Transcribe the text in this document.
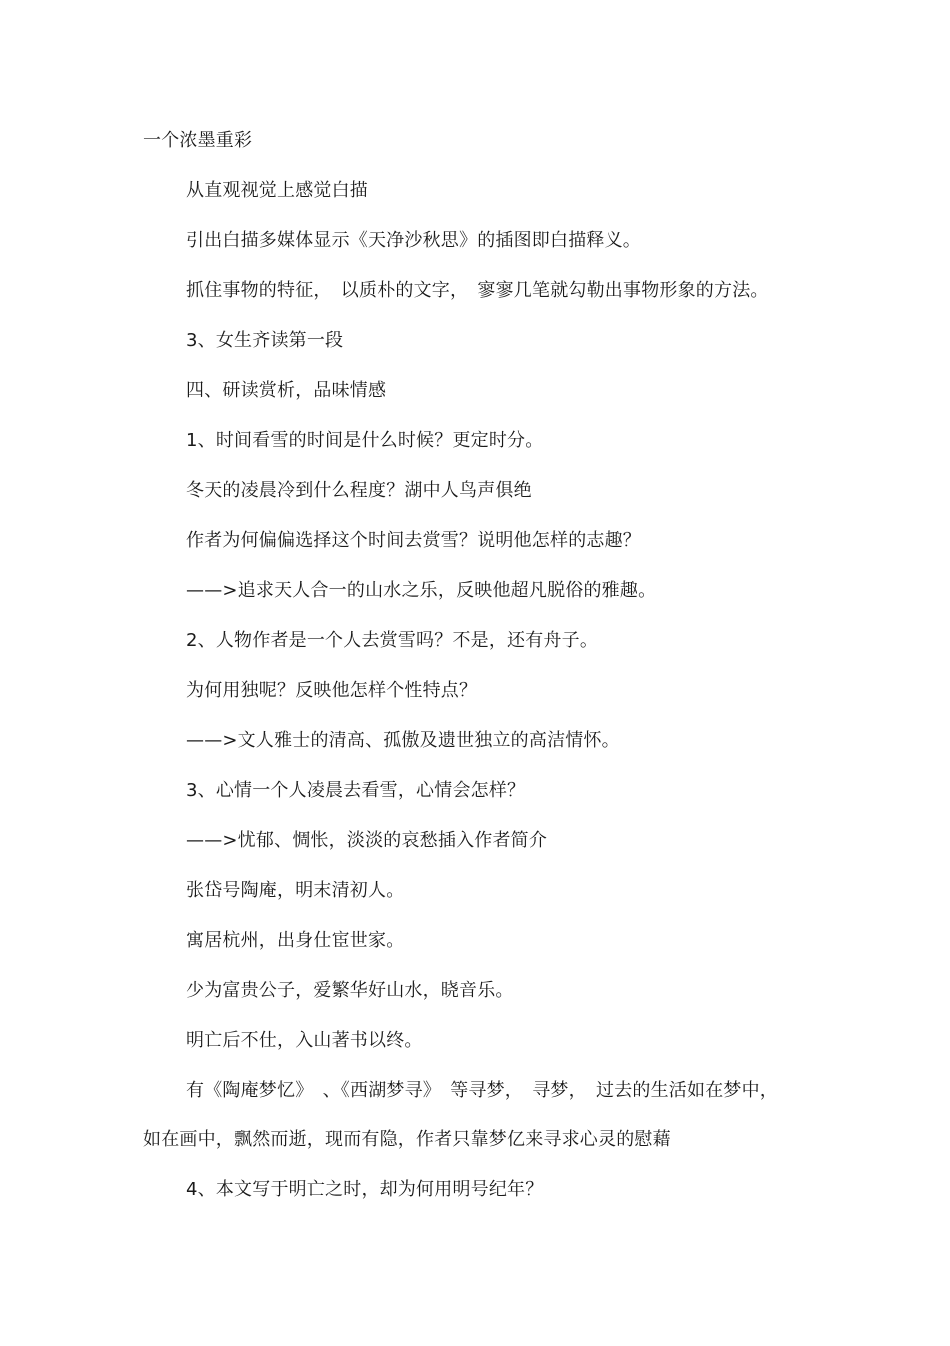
一个浓墨重彩
从直观视觉上感觉白描
引出白描多媒体显示《天净沙秋思》的插图即白描释义。
抓住事物的特征，　以质朴的文字，　寥寥几笔就勾勒出事物形象的方法。
3、女生齐读第一段
四、研读赏析，品味情感
1、时间看雪的时间是什么时候？更定时分。
冬天的凌晨冷到什么程度？湖中人鸟声俱绝
作者为何偏偏选择这个时间去赏雪？说明他怎样的志趣？
——>追求天人合一的山水之乐，反映他超凡脱俗的雅趣。
2、人物作者是一个人去赏雪吗？不是，还有舟子。
为何用独呢？反映他怎样个性特点？
——>文人雅士的清高、孤傲及遗世独立的高洁情怀。
3、心情一个人凌晨去看雪，心情会怎样？
——>忧郁、惆怅，淡淡的哀愁插入作者简介
张岱号陶庵，明末清初人。
寓居杭州，出身仕宦世家。
少为富贵公子，爱繁华好山水，晓音乐。
明亡后不仕，入山著书以终。
有《陶庵梦忆》　、《西湖梦寻》　等寻梦，　寻梦，　过去的生活如在梦中，
如在画中，飘然而逝，现而有隐，作者只靠梦亿来寻求心灵的慰藉
4、本文写于明亡之时，却为何用明号纪年？
